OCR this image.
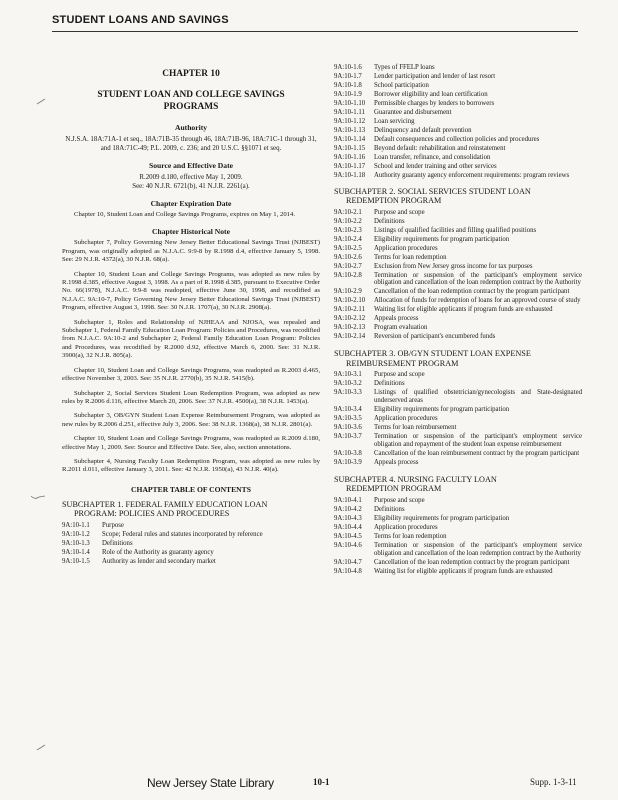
STUDENT LOANS AND SAVINGS
CHAPTER 10
STUDENT LOAN AND COLLEGE SAVINGS
PROGRAMS
Authority
N.J.S.A. 18A:71A-1 et seq., 18A:71B-35 through 46, 18A:71B-96, 18A:71C-1 through 31, and 18A:71C-49; P.L. 2009, c. 236; and 20 U.S.C. §§1071 et seq.
Source and Effective Date
R.2009 d.180, effective May 1, 2009.
See: 40 N.J.R. 6721(b), 41 N.J.R. 2261(a).
Chapter Expiration Date

Chapter 10, Student Loan and College Savings Programs, expires on May 1, 2014.

Chapter Historical Note

Subchapter 7, Policy Governing New Jersey Better Educational Savings Trust (NJBEST) Program, was originally adopted as N.J.A.C. 9:9-8 by R.1998 d.4, effective January 5, 1998. See: 29 N.J.R. 4372(a), 30 N.J.R. 68(a).

Chapter 10, Student Loan and College Savings Programs, was adopted as new rules by R.1998 d.385, effective August 3, 1998. As a part of R.1998 d.385, pursuant to Executive Order No. 66(1978), N.J.A.C. 9:9-8 was readopted, effective June 30, 1998, and recodified as N.J.A.C. 9A:10-7, Policy Governing New Jersey Better Educational Savings Trust (NJBEST) Program, effective August 3, 1998. See: 30 N.J.R. 1707(a), 30 N.J.R. 2908(a).

Subchapter 1, Roles and Relationship of NJHEAA and NJOSA, was repealed and Subchapter 1, Federal Family Education Loan Program: Policies and Procedures, was recodified from N.J.A.C. 9A:10-2 and Subchapter 2, Federal Family Education Loan Program: Policies and Procedures, was recodified by R.2000 d.92, effective March 6, 2000. See: 31 N.J.R. 3900(a), 32 N.J.R. 805(a).

Chapter 10, Student Loan and College Savings Programs, was readopted as R.2003 d.465, effective November 3, 2003. See: 35 N.J.R. 2770(b), 35 N.J.R. 5415(b).

Subchapter 2, Social Services Student Loan Redemption Program, was adopted as new rules by R.2006 d.116, effective March 20, 2006. See: 37 N.J.R. 4500(a), 38 N.J.R. 1453(a).

Subchapter 3, OB/GYN Student Loan Expense Reimbursement Program, was adopted as new rules by R.2006 d.251, effective July 3, 2006. See: 38 N.J.R. 1368(a), 38 N.J.R. 2801(a).

Chapter 10, Student Loan and College Savings Programs, was readopted as R.2009 d.180, effective May 1, 2009. See: Source and Effective Date. See, also, section annotations.

Subchapter 4, Nursing Faculty Loan Redemption Program, was adopted as new rules by R.2011 d.011, effective January 3, 2011. See: 42 N.J.R. 1950(a), 43 N.J.R. 40(a).

CHAPTER TABLE OF CONTENTS
SUBCHAPTER 1. FEDERAL FAMILY EDUCATION LOAN
PROGRAM: POLICIES AND PROCEDURES
9A:10-1.1	Purpose
9A:10-1.2	Scope; Federal rules and statutes incorporated by reference
9A:10-1.3	Definitions
9A:10-1.4	Role of the Authority as guaranty agency
9A:10-1.5	Authority as lender and secondary market
9A:10-1.6	Types of FFELP loans
9A:10-1.7	Lender participation and lender of last resort
9A:10-1.8	School participation
9A:10-1.9	Borrower eligibility and loan certification
9A:10-1.10	Permissible charges by lenders to borrowers
9A:10-1.11	Guarantee and disbursement
9A:10-1.12	Loan servicing
9A:10-1.13	Delinquency and default prevention
9A:10-1.14	Default consequences and collection policies and procedures
9A:10-1.15	Beyond default: rehabilitation and reinstatement
9A:10-1.16	Loan transfer, refinance, and consolidation
9A:10-1.17	School and lender training and other services
9A:10-1.18	Authority guaranty agency enforcement requirements: program reviews
SUBCHAPTER 2. SOCIAL SERVICES STUDENT LOAN
REDEMPTION PROGRAM
9A:10-2.1	Purpose and scope
9A:10-2.2	Definitions
9A:10-2.3	Listings of qualified facilities and filling qualified positions
9A:10-2.4	Eligibility requirements for program participation
9A:10-2.5	Application procedures
9A:10-2.6	Terms for loan redemption
9A:10-2.7	Exclusion from New Jersey gross income for tax purposes
9A:10-2.8	Termination or suspension of the participant's employment service obligation and cancellation of the loan redemption contract by the Authority
9A:10-2.9	Cancellation of the loan redemption contract by the program participant
9A:10-2.10	Allocation of funds for redemption of loans for an approved course of study
9A:10-2.11	Waiting list for eligible applicants if program funds are exhausted
9A:10-2.12	Appeals process
9A:10-2.13	Program evaluation
9A:10-2.14	Reversion of participant's encumbered funds
SUBCHAPTER 3. OB/GYN STUDENT LOAN EXPENSE
REIMBURSEMENT PROGRAM
9A:10-3.1	Purpose and scope
9A:10-3.2	Definitions
9A:10-3.3	Listings of qualified obstetrician/gynecologists and State-designated underserved areas
9A:10-3.4	Eligibility requirements for program participation
9A:10-3.5	Application procedures
9A:10-3.6	Terms for loan reimbursement
9A:10-3.7	Termination or suspension of the participant's employment service obligation and repayment of the student loan expense reimbursement
9A:10-3.8	Cancellation of the loan reimbursement contract by the program participant
9A:10-3.9	Appeals process
SUBCHAPTER 4. NURSING FACULTY LOAN
REDEMPTION PROGRAM
9A:10-4.1	Purpose and scope
9A:10-4.2	Definitions
9A:10-4.3	Eligibility requirements for program participation
9A:10-4.4	Application procedures
9A:10-4.5	Terms for loan redemption
9A:10-4.6	Termination or suspension of the participant's employment service obligation and cancellation of the loan redemption contract by the Authority
9A:10-4.7	Cancellation of the loan redemption contract by the program participant
9A:10-4.8	Waiting list for eligible applicants if program funds are exhausted
New Jersey State Library	10-1	Supp. 1-3-11
